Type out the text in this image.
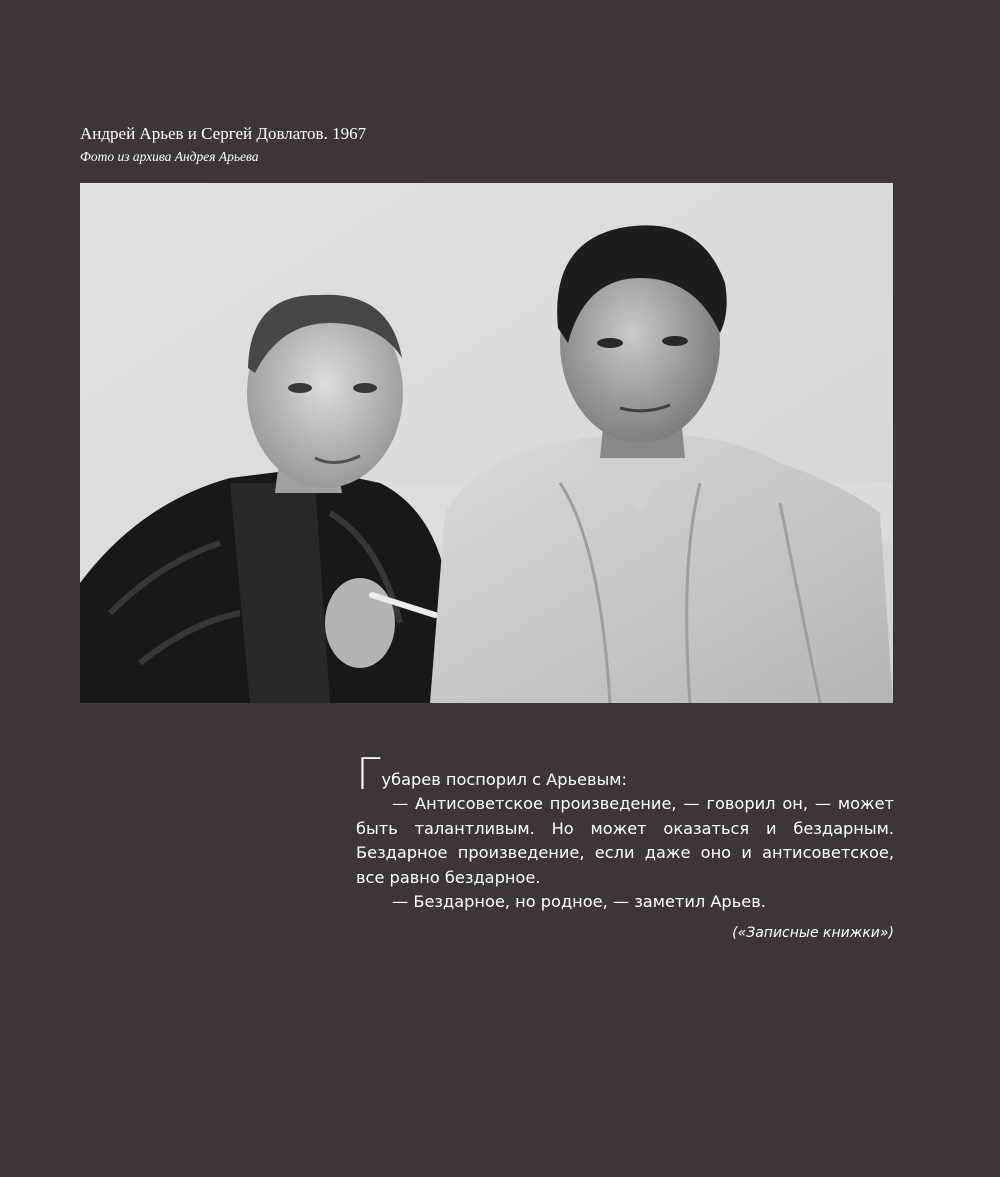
Андрей Арьев и Сергей Довлатов. 1967
Фото из архива Андрея Арьева

Губарев поспорил с Арьевым:

— Антисоветское произведение, — говорил он, — может быть талантливым. Но может оказаться и бездарным. Бездарное произведение, если даже оно и антисоветское, все равно бездарное.

— Бездарное, но родное, — заметил Арьев.

(«Записные книжки»)
